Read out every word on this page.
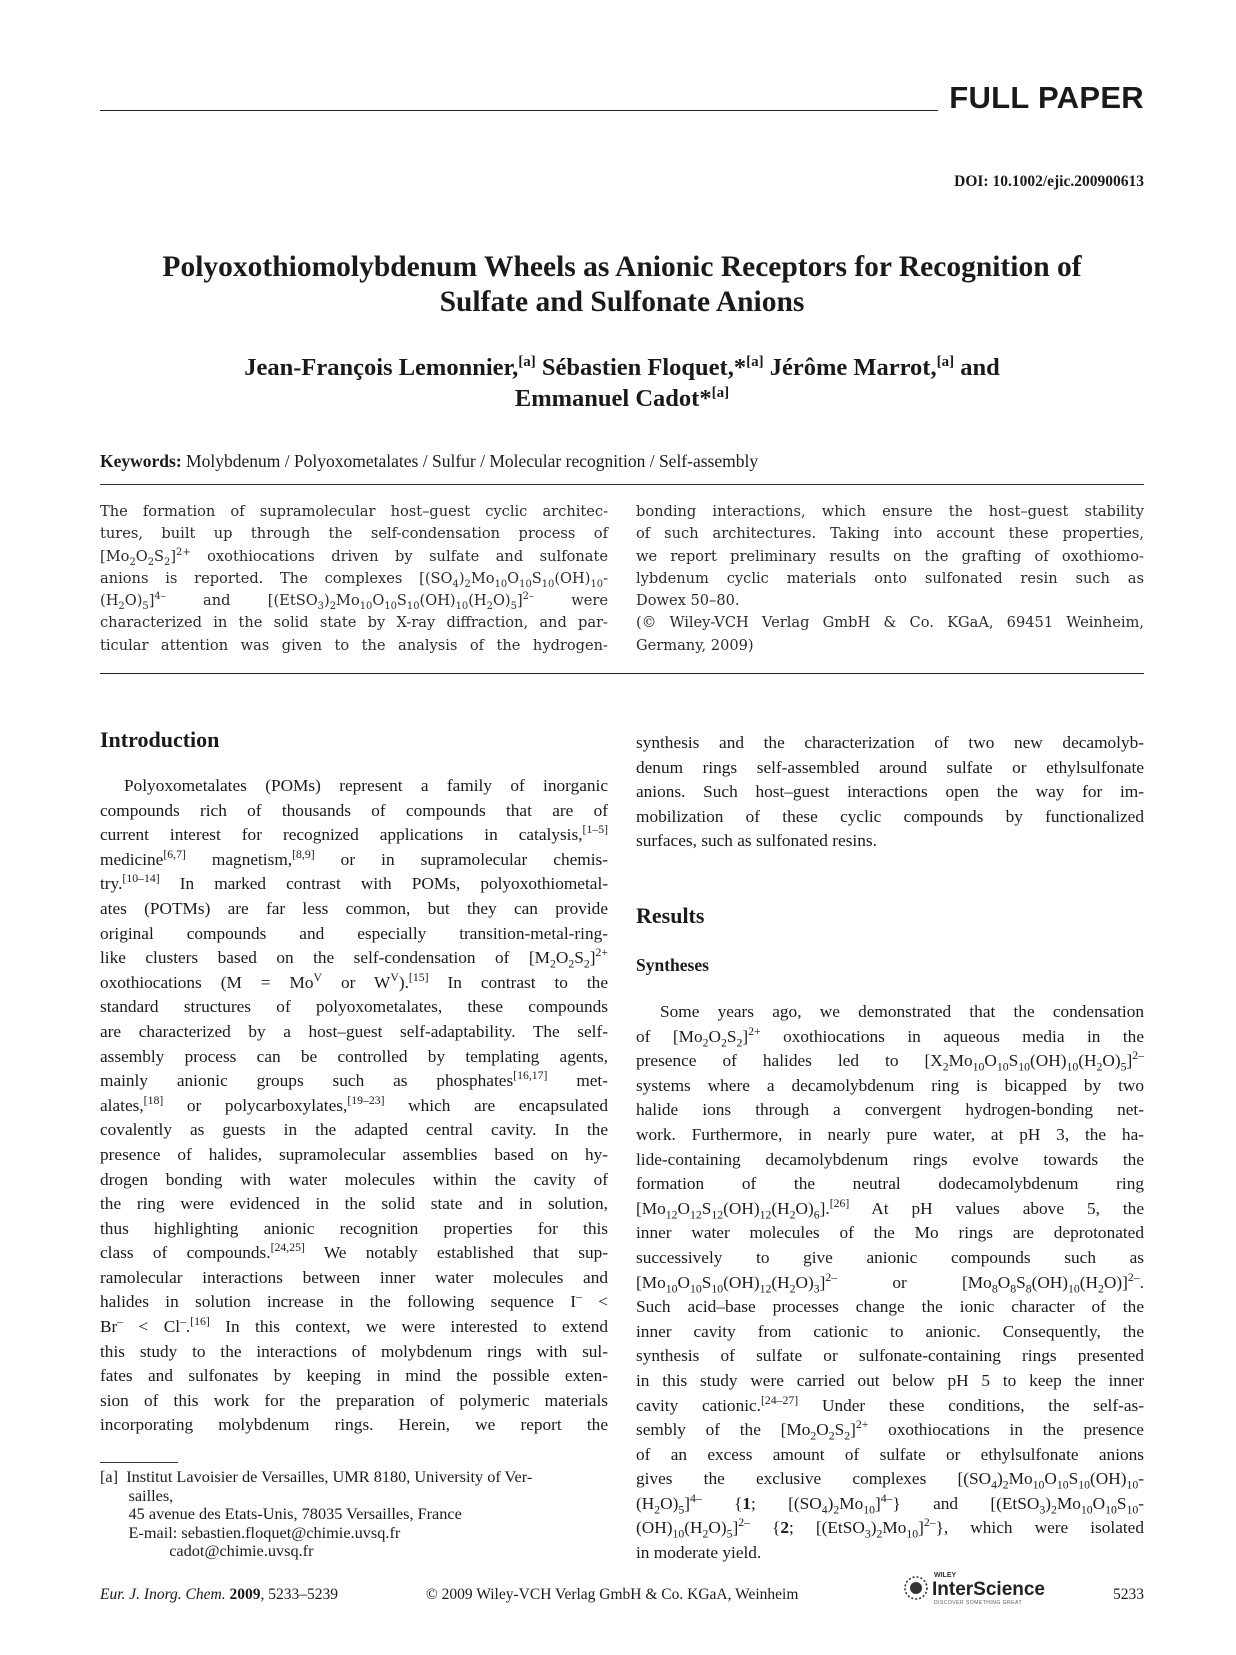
FULL PAPER
DOI: 10.1002/ejic.200900613
Polyoxothiomolybdenum Wheels as Anionic Receptors for Recognition of
Sulfate and Sulfonate Anions
Jean-François Lemonnier,[a] Sébastien Floquet,*[a] Jérôme Marrot,[a] and
Emmanuel Cadot*[a]
Keywords: Molybdenum / Polyoxometalates / Sulfur / Molecular recognition / Self-assembly
The formation of supramolecular host–guest cyclic architec-
tures, built up through the self-condensation process of
$[Mo_2O_2S_2]^{2+}$ oxothiocations driven by sulfate and sulfonate
anions is reported. The complexes [$(SO_4)_2Mo_{10}O_{10}S_{10}(OH)_{10}-$
$(H_2O)_5]^{4-}$ and $[(EtSO_3)_2Mo_{10}O_{10}S_{10}(OH)_{10}(H_2O)_5]^{2-}$ were
characterized in the solid state by X-ray diffraction, and par-
ticular attention was given to the analysis of the hydrogen-
bonding interactions, which ensure the host–guest stability
of such architectures. Taking into account these properties,
we report preliminary results on the grafting of oxothiomo-
lybdenum cyclic materials onto sulfonated resin such as
Dowex 50–80.
(© Wiley-VCH Verlag GmbH & Co. KGaA, 69451 Weinheim,
Germany, 2009)
Introduction
Results
Syntheses
Polyoxometalates (POMs) represent a family of inorganic
compounds rich of thousands of compounds that are of
current interest for recognized applications in catalysis,[1–5]
medicine[6,7] magnetism,[8,9] or in supramolecular chemis-
try.[10–14] In marked contrast with POMs, polyoxothiometal-
ates (POTMs) are far less common, but they can provide
original compounds and especially transition-metal-ring-
like clusters based on the self-condensation of $[M_2O_2S_2]^{2+}$
oxothiocations ($M = Mo^V$ or $W^V).[15]$ In contrast to the
standard structures of polyoxometalates, these compounds
are characterized by a host–guest self-adaptability. The self-
assembly process can be controlled by templating agents,
mainly anionic groups such as phosphates[16,17] met-
alates,[18] or polycarboxylates,[19–23] which are encapsulated
covalently as guests in the adapted central cavity. In the
presence of halides, supramolecular assemblies based on hy-
drogen bonding with water molecules within the cavity of
the ring were evidenced in the solid state and in solution,
thus highlighting anionic recognition properties for this
class of compounds.[24,25] We notably established that sup-
ramolecular interactions between inner water molecules and
halides in solution increase in the following sequence I– <
Br– < Cl–.[16] In this context, we were interested to extend
this study to the interactions of molybdenum rings with sul-
fates and sulfonates by keeping in mind the possible exten-
sion of this work for the preparation of polymeric materials
incorporating molybdenum rings. Herein, we report the
synthesis and the characterization of two new decamolyb-
denum rings self-assembled around sulfate or ethylsulfonate
anions. Such host–guest interactions open the way for im-
mobilization of these cyclic compounds by functionalized
surfaces, such as sulfonated resins.
Some years ago, we demonstrated that the condensation
of $[Mo_2O_2S_2]^{2+}$ oxothiocations in aqueous media in the
presence of halides led to $[X_2Mo_{10}O_{10}S_{10}(OH)_{10}(H_2O)_5]^{2-}$
systems where a decamolybdenum ring is bicapped by two
halide ions through a convergent hydrogen-bonding net-
work. Furthermore, in nearly pure water, at pH 3, the ha-
lide-containing decamolybdenum rings evolve towards the
formation of the neutral dodecamolybdenum ring
$[Mo_{12}O_{12}S_{12}(OH)_{12}(H_2O)_6].[26]$ At pH values above 5, the
inner water molecules of the Mo rings are deprotonated
successively to give anionic compounds such as
$[Mo_{10}O_{10}S_{10}(OH)_{12}(H_2O)_3]^{2-}$ or $[Mo_8O_8S_8(OH)_{10}(H_2O)]^{2-}$.
Such acid–base processes change the ionic character of the
inner cavity from cationic to anionic. Consequently, the
synthesis of sulfate or sulfonate-containing rings presented
in this study were carried out below pH 5 to keep the inner
cavity cationic.[24–27] Under these conditions, the self-as-
sembly of the $[Mo_2O_2S_2]^{2+}$ oxothiocations in the presence
of an excess amount of sulfate or ethylsulfonate anions
gives the exclusive complexes [$(SO_4)_2Mo_{10}O_{10}S_{10}(OH)_{10}-$
$(H_2O)_5]^{4-}$ {1; $[(SO_4)_2Mo_{10}]^{4-}$} and [$(EtSO_3)_2Mo_{10}O_{10}S_{10}-$
$(OH)_{10}(H_2O)_5]^{2-}$ {2; $[(EtSO_3)_2Mo_{10}]^{2-}$}, which were isolated
in moderate yield.
[a]  Institut Lavoisier de Versailles, UMR 8180, University of Ver-
sailles,
45 avenue des Etats-Unis, 78035 Versailles, France
E-mail: sebastien.floquet@chimie.uvsq.fr
cadot@chimie.uvsq.fr
Eur. J. Inorg. Chem. 2009, 5233–5239	© 2009 Wiley-VCH Verlag GmbH & Co. KGaA, Weinheim
WILEY
InterScience
DISCOVER SOMETHING GREAT	5233
